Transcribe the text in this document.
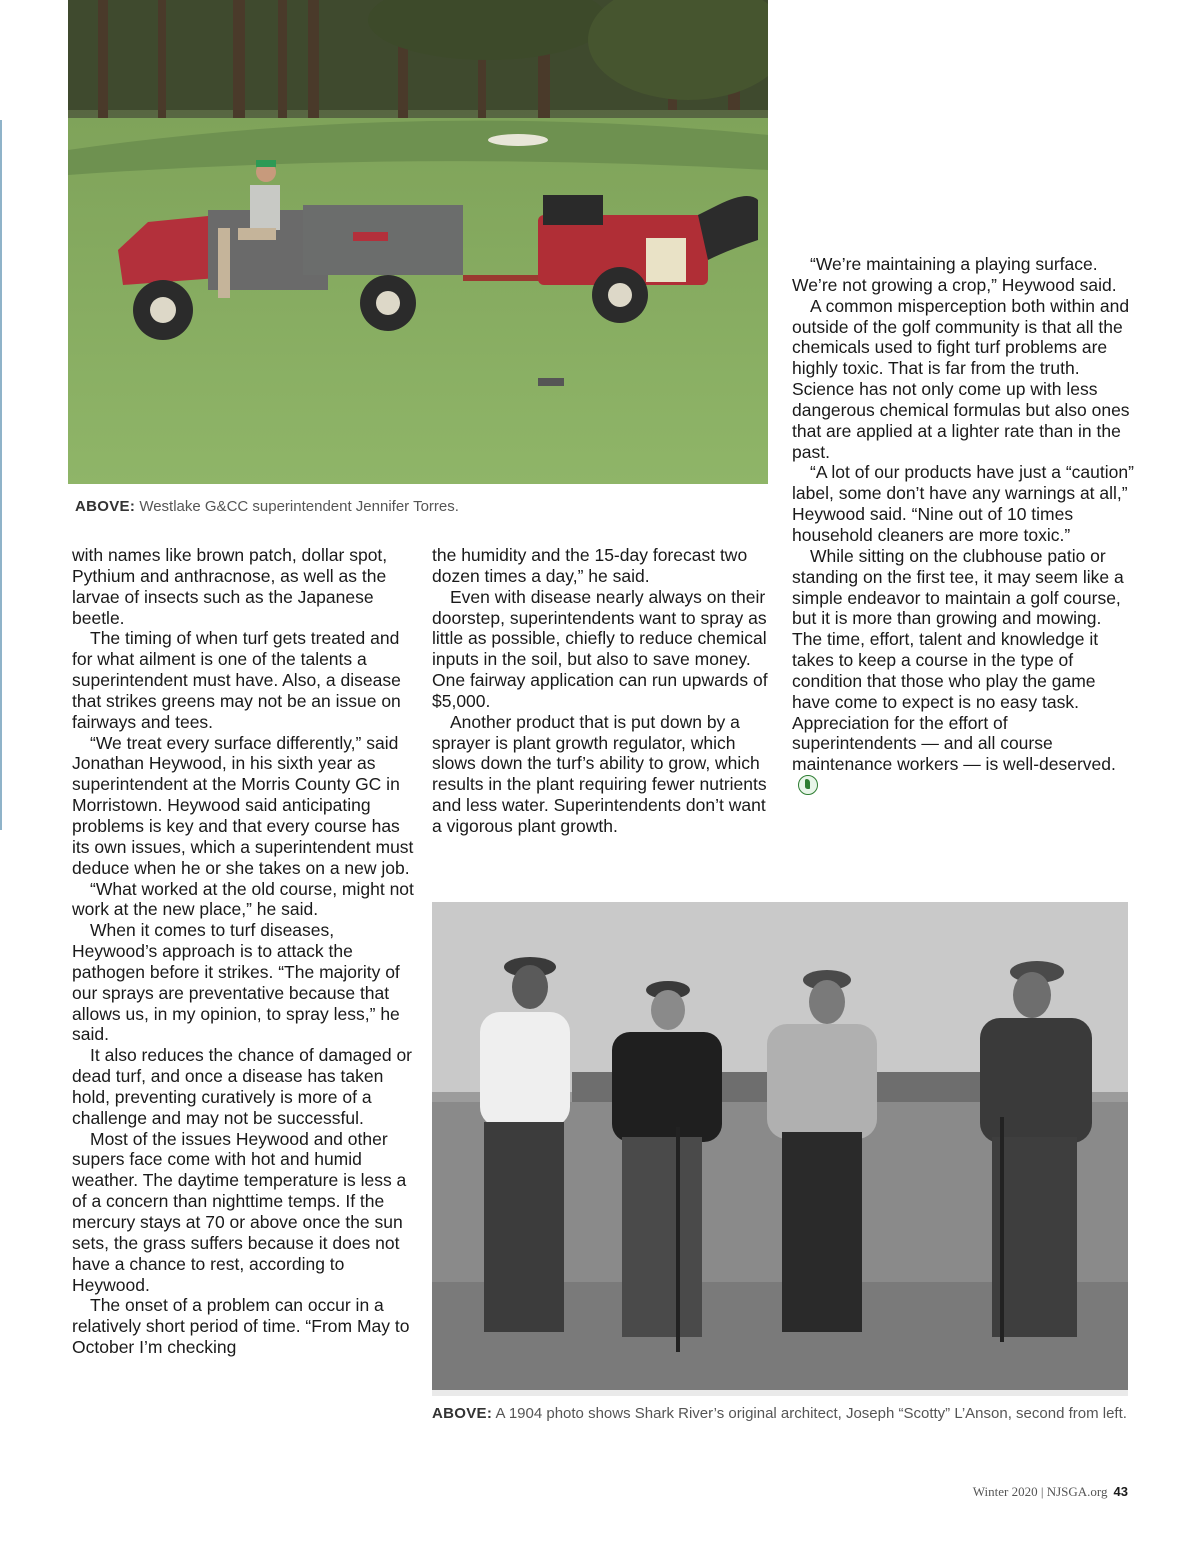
ABOVE: Westlake G&CC superintendent Jennifer Torres.

with names like brown patch, dollar spot, Pythium and anthracnose, as well as the larvae of insects such as the Japanese beetle.

The timing of when turf gets treated and for what ailment is one of the talents a superintendent must have. Also, a disease that strikes greens may not be an issue on fairways and tees.

“We treat every surface differently,” said Jonathan Heywood, in his sixth year as superintendent at the Morris County GC in Morristown. Heywood said anticipating problems is key and that every course has its own issues, which a superintendent must deduce when he or she takes on a new job.

“What worked at the old course, might not work at the new place,” he said.

When it comes to turf diseases, Heywood’s approach is to attack the pathogen before it strikes. “The majority of our sprays are preventative because that allows us, in my opinion, to spray less,” he said.

It also reduces the chance of damaged or dead turf, and once a disease has taken hold, preventing curatively is more of a challenge and may not be successful.

Most of the issues Heywood and other supers face come with hot and humid weather. The daytime temperature is less a of a concern than nighttime temps. If the mercury stays at 70 or above once the sun sets, the grass suffers because it does not have a chance to rest, according to Heywood.

The onset of a problem can occur in a relatively short period of time. “From May to October I’m checking

the humidity and the 15-day forecast two dozen times a day,” he said.

Even with disease nearly always on their doorstep, superintendents want to spray as little as possible, chiefly to reduce chemical inputs in the soil, but also to save money. One fairway application can run upwards of $5,000.

Another product that is put down by a sprayer is plant growth regulator, which slows down the turf’s ability to grow, which results in the plant requiring fewer nutrients and less water. Superintendents don’t want a vigorous plant growth.

“We’re maintaining a playing surface. We’re not growing a crop,” Heywood said.

A common misperception both within and outside of the golf community is that all the chemicals used to fight turf problems are highly toxic. That is far from the truth. Science has not only come up with less dangerous chemical formulas but also ones that are applied at a lighter rate than in the past.

“A lot of our products have just a “caution” label, some don’t have any warnings at all,” Heywood said. “Nine out of 10 times household cleaners are more toxic.”

While sitting on the clubhouse patio or standing on the first tee, it may seem like a simple endeavor to maintain a golf course, but it is more than growing and mowing. The time, effort, talent and knowledge it takes to keep a course in the type of condition that those who play the game have come to expect is no easy task. Appreciation for the effort of superintendents — and all course maintenance workers — is well-deserved.

ABOVE: A 1904 photo shows Shark River’s original architect, Joseph “Scotty” L’Anson, second from left.
Winter 2020 | NJSGA.org 43
